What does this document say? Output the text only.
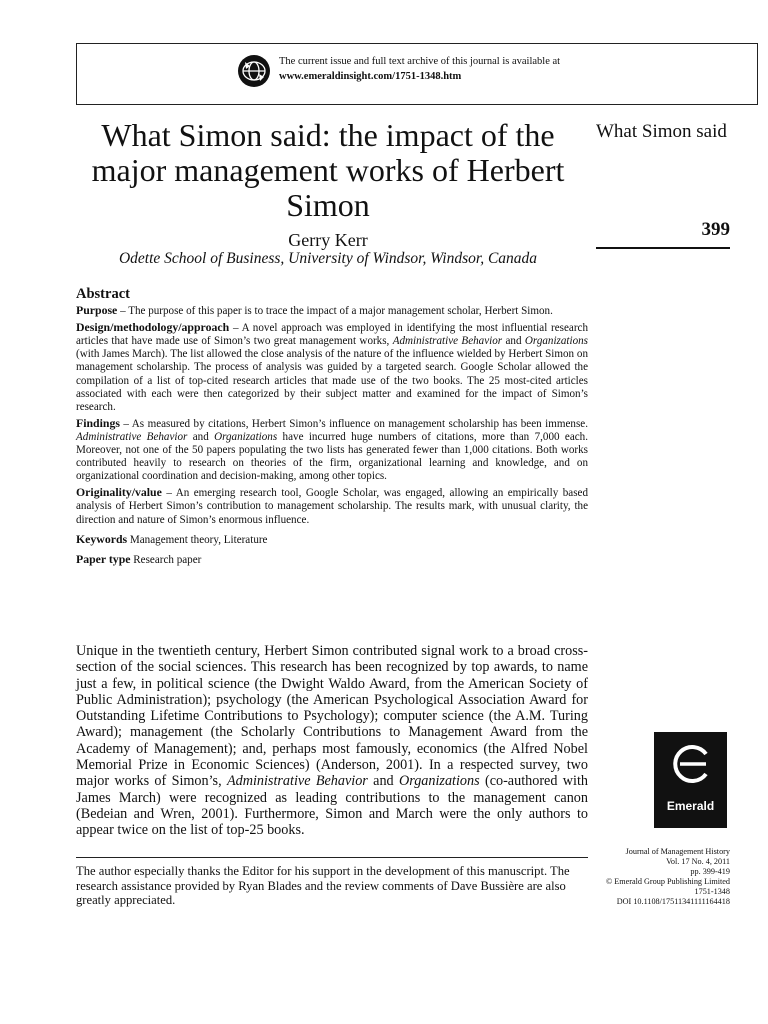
The current issue and full text archive of this journal is available at
www.emeraldinsight.com/1751-1348.htm
What Simon said: the impact of the major management works of Herbert Simon
Gerry Kerr
Odette School of Business, University of Windsor, Windsor, Canada
What Simon said
399
Abstract

Purpose – The purpose of this paper is to trace the impact of a major management scholar, Herbert Simon.

Design/methodology/approach – A novel approach was employed in identifying the most influential research articles that have made use of Simon’s two great management works, Administrative Behavior and Organizations (with James March). The list allowed the close analysis of the nature of the influence wielded by Herbert Simon on management scholarship. The process of analysis was guided by a targeted search. Google Scholar allowed the compilation of a list of top-cited research articles that made use of the two books. The 25 most-cited articles associated with each were then categorized by their subject matter and examined for the impact of Simon’s research.

Findings – As measured by citations, Herbert Simon’s influence on management scholarship has been immense. Administrative Behavior and Organizations have incurred huge numbers of citations, more than 7,000 each. Moreover, not one of the 50 papers populating the two lists has generated fewer than 1,000 citations. Both works contributed heavily to research on theories of the firm, organizational learning and knowledge, and on organizational coordination and decision-making, among other topics.

Originality/value – An emerging research tool, Google Scholar, was engaged, allowing an empirically based analysis of Herbert Simon’s contribution to management scholarship. The results mark, with unusual clarity, the direction and nature of Simon’s enormous influence.

Keywords Management theory, Literature

Paper type Research paper

Unique in the twentieth century, Herbert Simon contributed signal work to a broad cross-section of the social sciences. This research has been recognized by top awards, to name just a few, in political science (the Dwight Waldo Award, from the American Society of Public Administration); psychology (the American Psychological Association Award for Outstanding Lifetime Contributions to Psychology); computer science (the A.M. Turing Award); management (the Scholarly Contributions to Management Award from the Academy of Management); and, perhaps most famously, economics (the Alfred Nobel Memorial Prize in Economic Sciences) (Anderson, 2001). In a respected survey, two major works of Simon’s, Administrative Behavior and Organizations (co-authored with James March) were recognized as leading contributions to the management canon (Bedeian and Wren, 2001). Furthermore, Simon and March were the only authors to appear twice on the list of top-25 books.

The author especially thanks the Editor for his support in the development of this manuscript. The research assistance provided by Ryan Blades and the review comments of Dave Bussière are also greatly appreciated.

Emerald
Journal of Management History
Vol. 17 No. 4, 2011
pp. 399-419
© Emerald Group Publishing Limited
1751-1348
DOI 10.1108/17511341111164418
